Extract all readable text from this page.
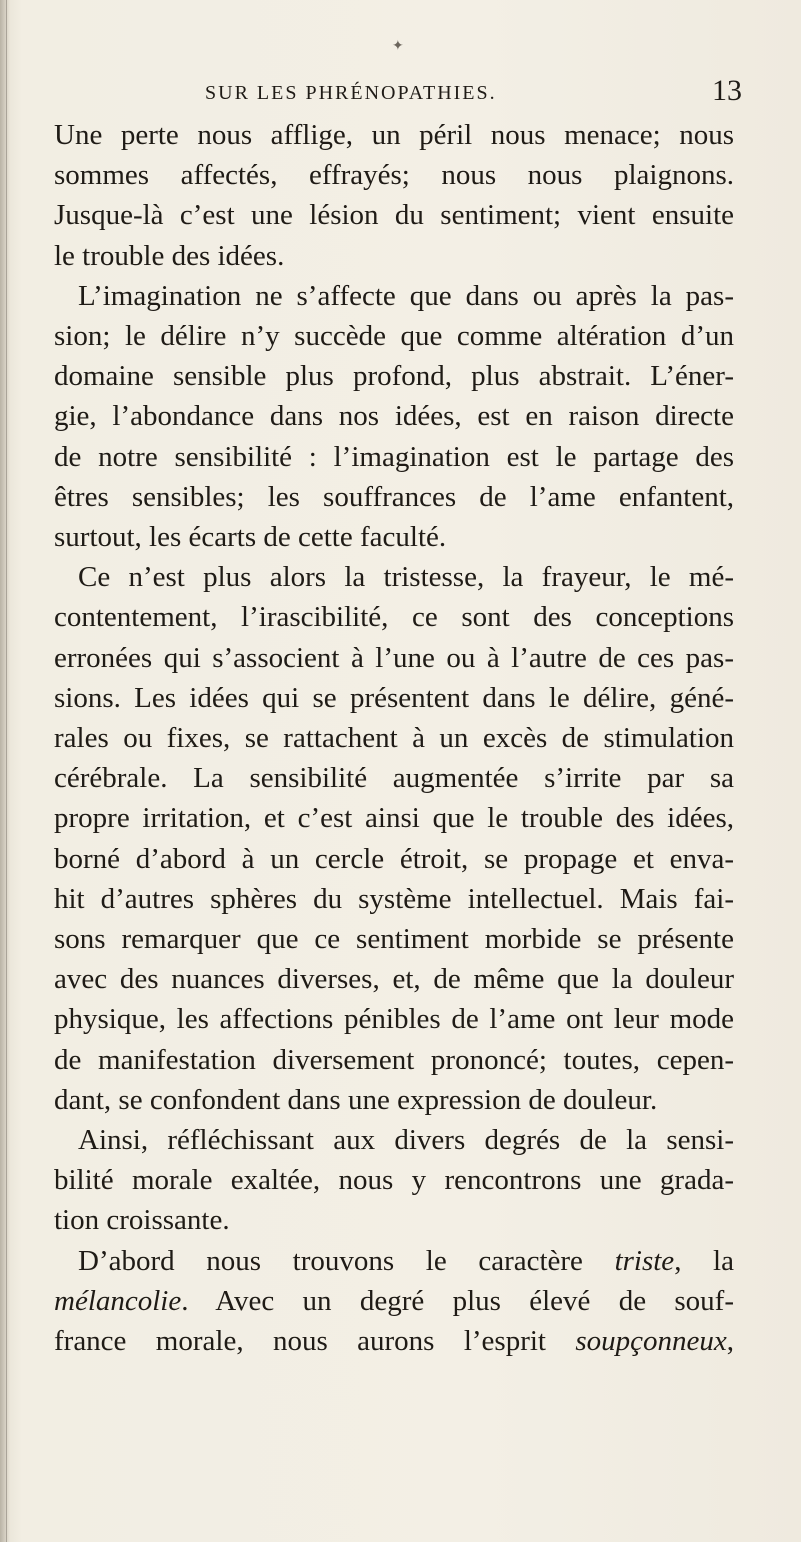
✦
SUR LES PHRÉNOPATHIES.	13
Une perte nous afflige, un péril nous menace; nous
sommes affectés, effrayés; nous nous plaignons.
Jusque-là c’est une lésion du sentiment; vient ensuite
le trouble des idées.
L’imagination ne s’affecte que dans ou après la pas-
sion; le délire n’y succède que comme altération d’un
domaine sensible plus profond, plus abstrait. L’éner-
gie, l’abondance dans nos idées, est en raison directe
de notre sensibilité : l’imagination est le partage des
êtres sensibles; les souffrances de l’ame enfantent,
surtout, les écarts de cette faculté.
Ce n’est plus alors la tristesse, la frayeur, le mé-
contentement, l’irascibilité, ce sont des conceptions
erronées qui s’associent à l’une ou à l’autre de ces pas-
sions. Les idées qui se présentent dans le délire, géné-
rales ou fixes, se rattachent à un excès de stimulation
cérébrale. La sensibilité augmentée s’irrite par sa
propre irritation, et c’est ainsi que le trouble des idées,
borné d’abord à un cercle étroit, se propage et enva-
hit d’autres sphères du système intellectuel. Mais fai-
sons remarquer que ce sentiment morbide se présente
avec des nuances diverses, et, de même que la douleur
physique, les affections pénibles de l’ame ont leur mode
de manifestation diversement prononcé; toutes, cepen-
dant, se confondent dans une expression de douleur.
Ainsi, réfléchissant aux divers degrés de la sensi-
bilité morale exaltée, nous y rencontrons une grada-
tion croissante.
D’abord nous trouvons le caractère triste, la
mélancolie. Avec un degré plus élevé de souf-
france morale, nous aurons l’esprit soupçonneux,
